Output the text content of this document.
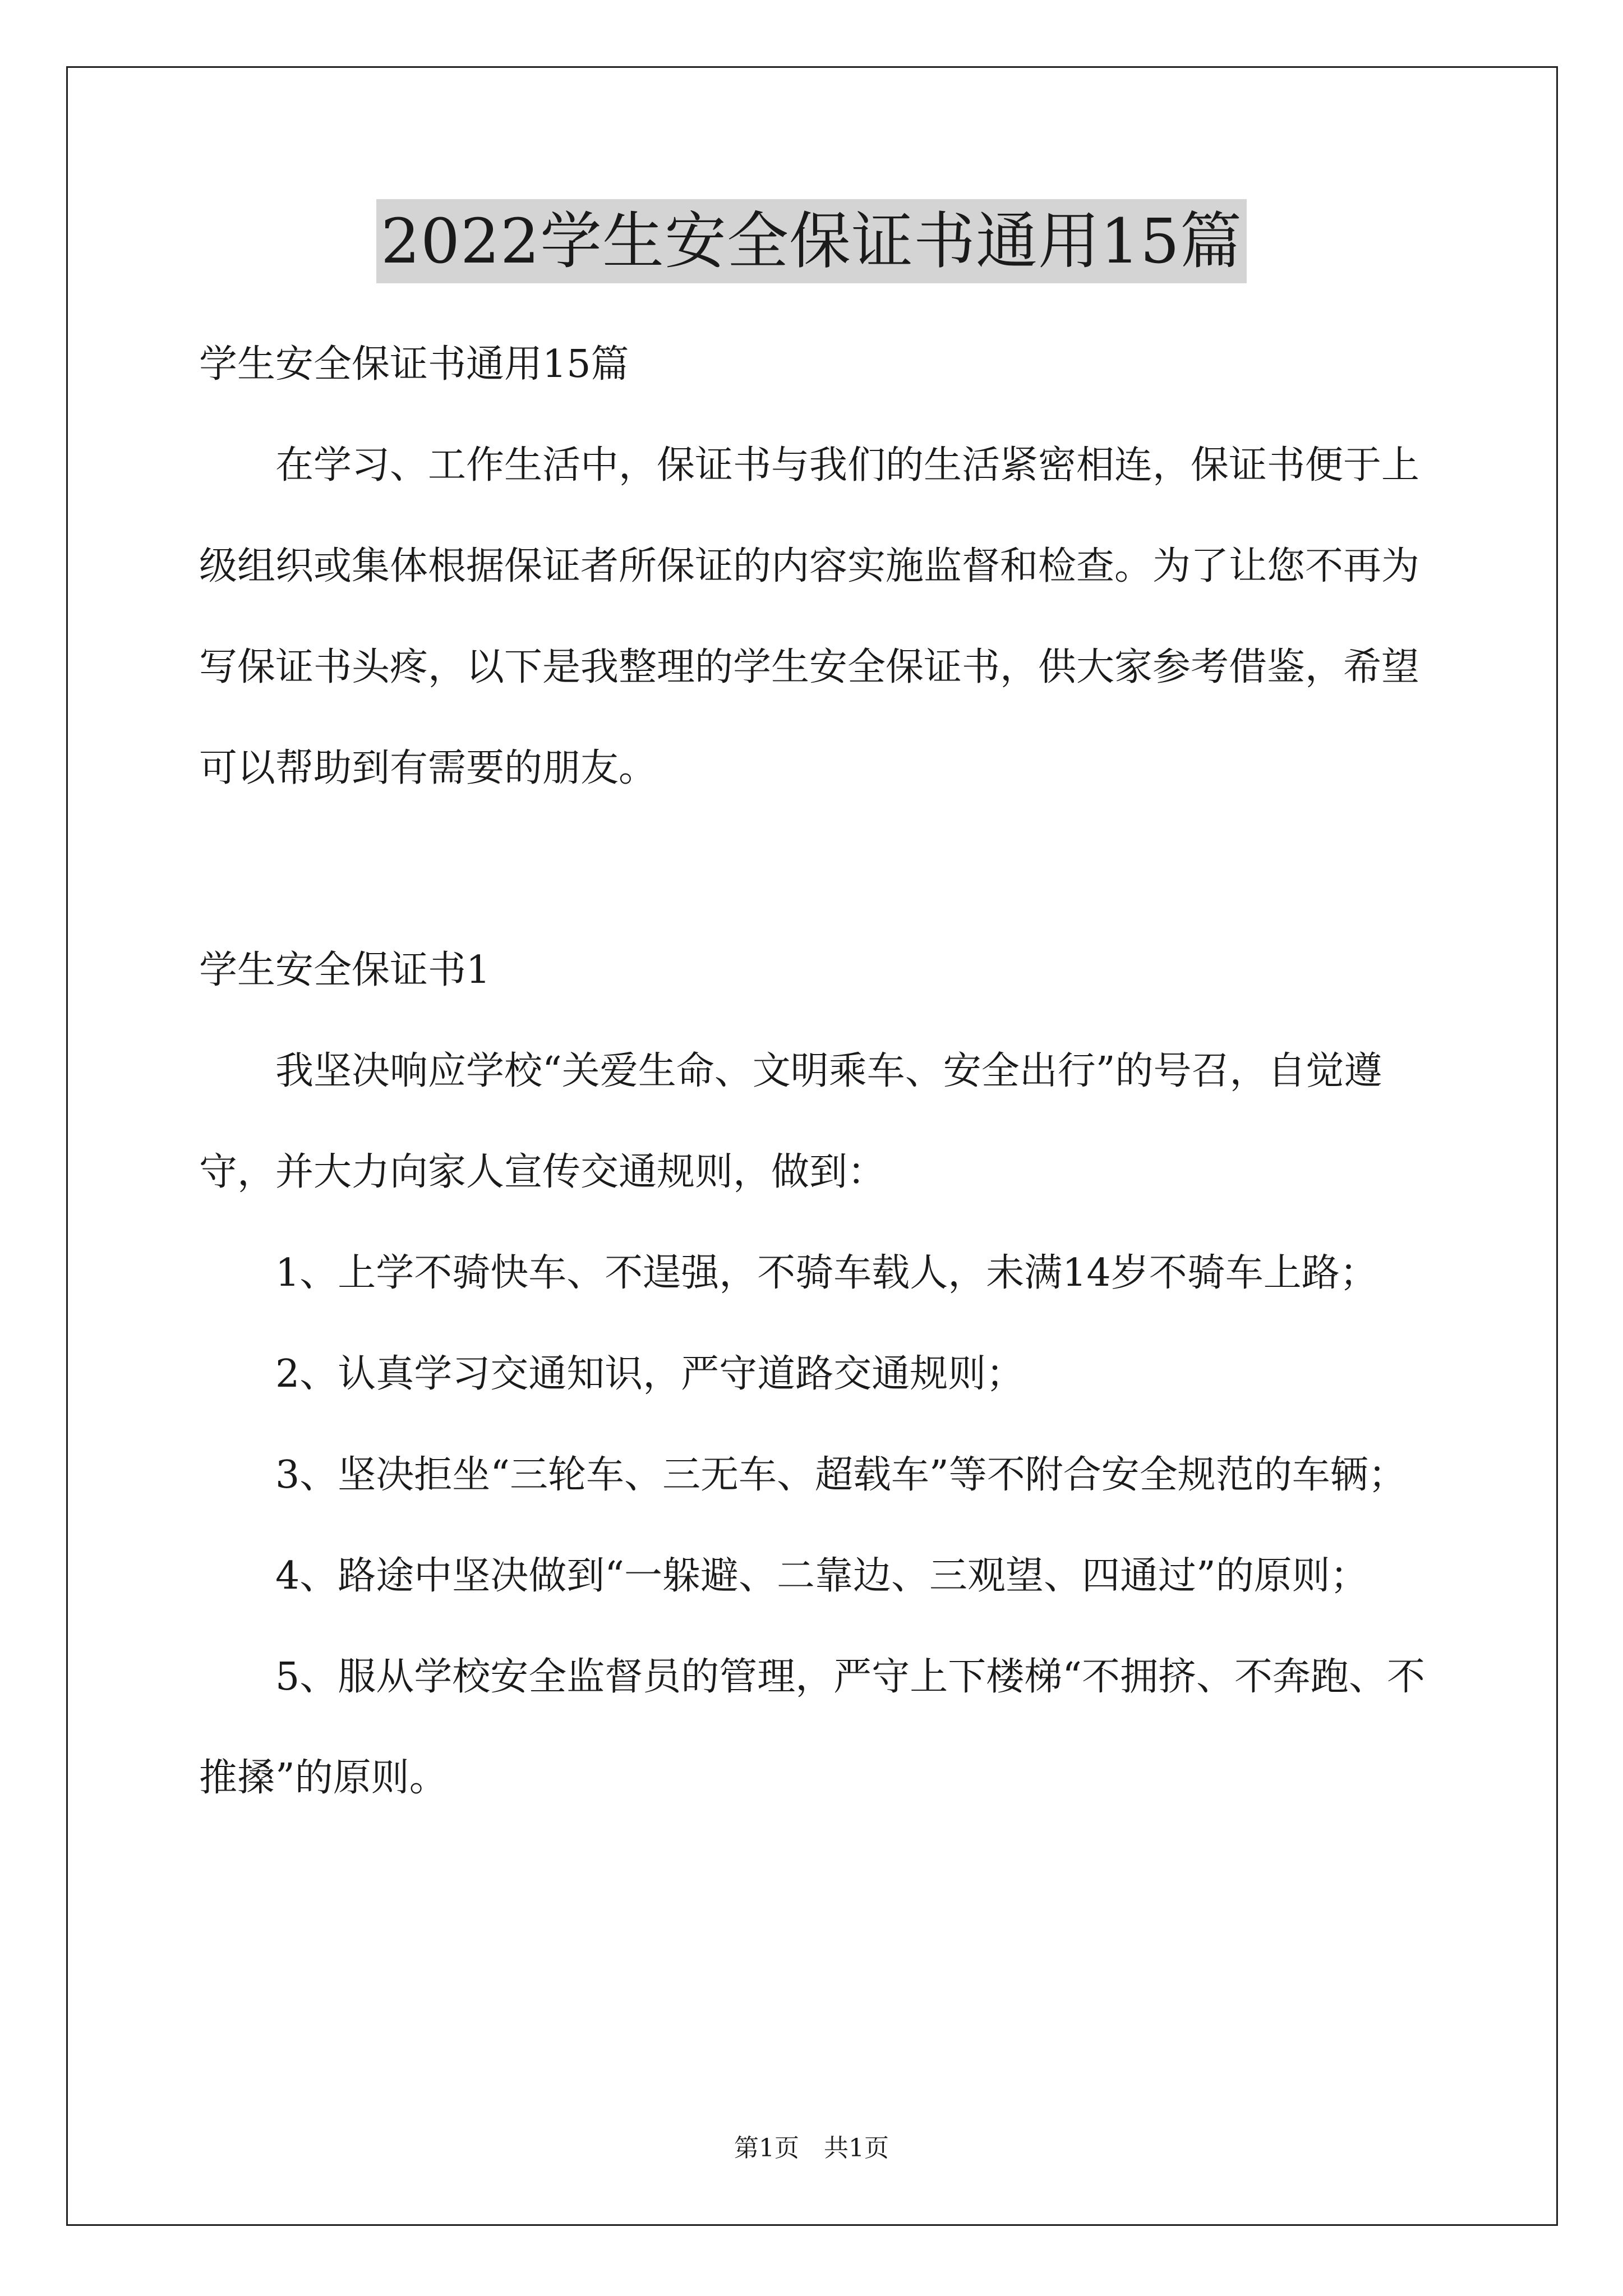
2022学生安全保证书通用15篇

学生安全保证书通用15篇

在学习、工作生活中，保证书与我们的生活紧密相连，保证书便于上级组织或集体根据保证者所保证的内容实施监督和检查。为了让您不再为写保证书头疼，以下是我整理的学生安全保证书，供大家参考借鉴，希望可以帮助到有需要的朋友。

学生安全保证书1

我坚决响应学校“关爱生命、文明乘车、安全出行”的号召，自觉遵守，并大力向家人宣传交通规则，做到：

1、上学不骑快车、不逞强，不骑车载人，未满14岁不骑车上路；

2、认真学习交通知识，严守道路交通规则；

3、坚决拒坐“三轮车、三无车、超载车”等不附合安全规范的车辆；

4、路途中坚决做到“一躲避、二靠边、三观望、四通过”的原则；

5、服从学校安全监督员的管理，严守上下楼梯“不拥挤、不奔跑、不推搡”的原则。

第1页　共1页
